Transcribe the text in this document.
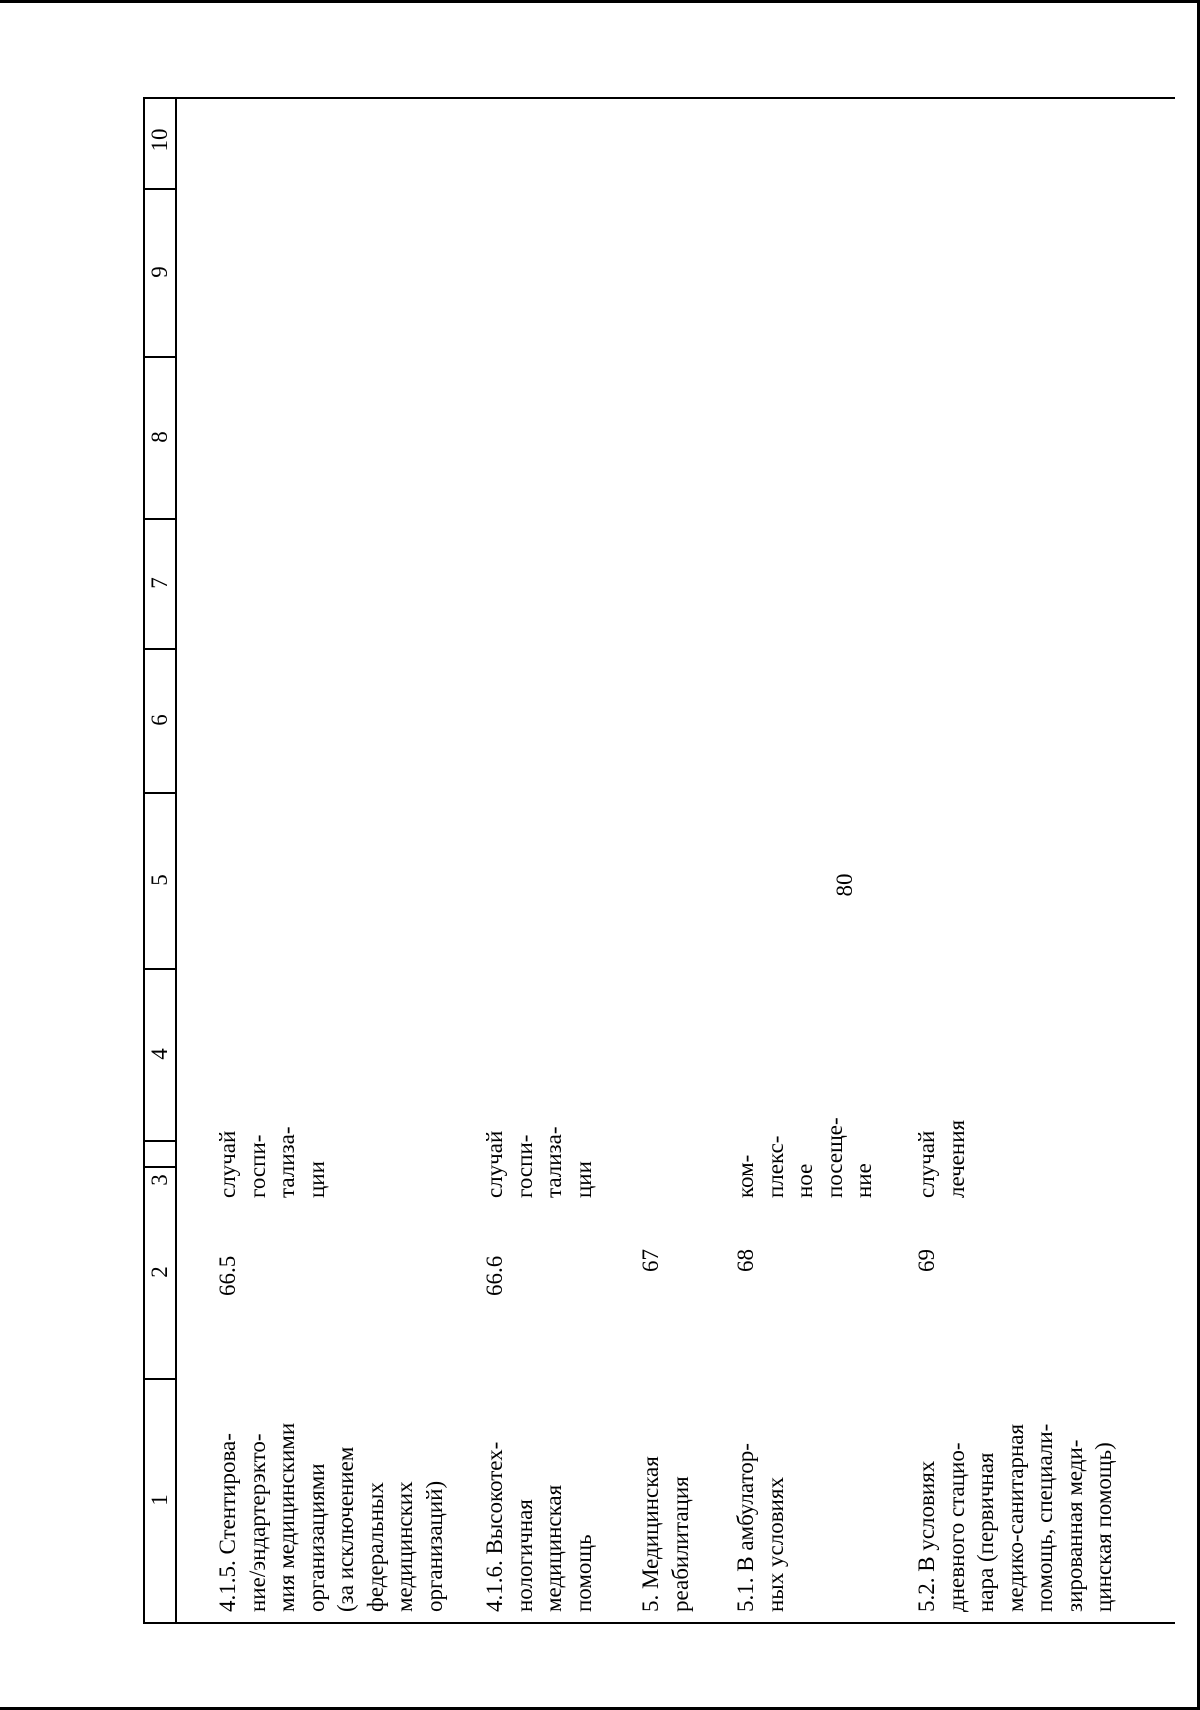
80
1
2
3
4
5
6
7
8
9
10
4.1.5. Стентирова-
ние/эндартерэкто-
мия медицинскими
организациями
(за исключением
федеральных
медицинских
организаций)
66.5
случай
госпи-
тализа-
ции
4.1.6. Высокотех-
нологичная
медицинская
помощь
66.6
случай
госпи-
тализа-
ции
5. Медицинская
реабилитация
67
5.1. В амбулатор-
ных условиях
68
ком-
плекс-
ное
посеще-
ние
5.2. В условиях
дневного стацио-
нара (первичная
медико-санитарная
помощь, специали-
зированная меди-
цинская помощь)
69
случай
лечения
